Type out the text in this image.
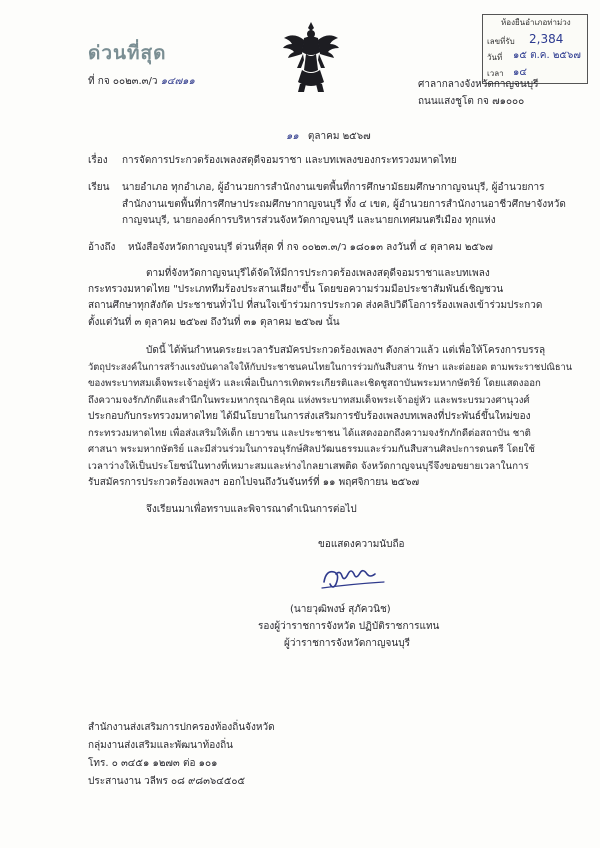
ด่วนที่สุด
ที่ กจ ๐๐๒๓.๓/ว ๑๔๗๑๑
ห้องยืนอำเภอท่าม่วง
เลขที่รับ 2,384
วันที่ ๑๕ ต.ค. ๒๕๖๗
เวลา ๑๔
ศาลากลางจังหวัดกาญจนบุรี
ถนนแสงชูโต กจ ๗๑๐๐๐
๑๑ ตุลาคม ๒๕๖๗
เรื่อง การจัดการประกวดร้องเพลงสดุดีจอมราชา และบทเพลงของกระทรวงมหาดไทย
เรียน นายอำเภอ ทุกอำเภอ, ผู้อำนวยการสำนักงานเขตพื้นที่การศึกษามัธยมศึกษากาญจนบุรี, ผู้อำนวยการ
สำนักงานเขตพื้นที่การศึกษาประถมศึกษากาญจนบุรี ทั้ง ๔ เขต, ผู้อำนวยการสำนักงานอาชีวศึกษาจังหวัด
กาญจนบุรี, นายกองค์การบริหารส่วนจังหวัดกาญจนบุรี และนายกเทศมนตรีเมือง ทุกแห่ง
อ้างถึง หนังสือจังหวัดกาญจนบุรี ด่วนที่สุด ที่ กจ ๐๐๒๓.๓/ว ๑๘๐๑๓ ลงวันที่ ๔ ตุลาคม ๒๕๖๗
ตามที่จังหวัดกาญจนบุรีได้จัดให้มีการประกวดร้องเพลงสดุดีจอมราชาและบทเพลง
กระทรวงมหาดไทย "ประเภททีมร้องประสานเสียง"ขึ้น โดยขอความร่วมมือประชาสัมพันธ์เชิญชวน
สถานศึกษาทุกสังกัด ประชาชนทั่วไป ที่สนใจเข้าร่วมการประกวด ส่งคลิปวิดีโอการร้องเพลงเข้าร่วมประกวด
ตั้งแต่วันที่ ๓ ตุลาคม ๒๕๖๗ ถึงวันที่ ๓๑ ตุลาคม ๒๕๖๗ นั้น
บัดนี้ ได้พ้นกำหนดระยะเวลารับสมัครประกวดร้องเพลงฯ ดังกล่าวแล้ว แต่เพื่อให้โครงการบรรลุ
วัตถุประสงค์ในการสร้างแรงบันดาลใจให้กับประชาชนคนไทยในการร่วมกันสืบสาน รักษา และต่อยอด ตามพระราชปณิธาน
ของพระบาทสมเด็จพระเจ้าอยู่หัว และเพื่อเป็นการเทิดพระเกียรติและเชิดชูสถาบันพระมหากษัตริย์ โดยแสดงออก
ถึงความจงรักภักดีและสำนึกในพระมหากรุณาธิคุณ แห่งพระบาทสมเด็จพระเจ้าอยู่หัว และพระบรมวงศานุวงศ์
ประกอบกับกระทรวงมหาดไทย ได้มีนโยบายในการส่งเสริมการขับร้องเพลงบทเพลงที่ประพันธ์ขึ้นใหม่ของ
กระทรวงมหาดไทย เพื่อส่งเสริมให้เด็ก เยาวชน และประชาชน ได้แสดงออกถึงความจงรักภักดีต่อสถาบัน ชาติ
ศาสนา พระมหากษัตริย์ และมีส่วนร่วมในการอนุรักษ์ศิลปวัฒนธรรมและร่วมกันสืบสานศิลปะการดนตรี โดยใช้
เวลาว่างให้เป็นประโยชน์ในทางที่เหมาะสมและห่างไกลยาเสพติด จังหวัดกาญจนบุรีจึงขอขยายเวลาในการ
รับสมัครการประกวดร้องเพลงฯ ออกไปจนถึงวันจันทร์ที่ ๑๑ พฤศจิกายน ๒๕๖๗
จึงเรียนมาเพื่อทราบและพิจารณาดำเนินการต่อไป
ขอแสดงความนับถือ
(นายวุฒิพงษ์ สุภัควนิช)
รองผู้ว่าราชการจังหวัด ปฏิบัติราชการแทน
ผู้ว่าราชการจังหวัดกาญจนบุรี
สำนักงานส่งเสริมการปกครองท้องถิ่นจังหวัด
กลุ่มงานส่งเสริมและพัฒนาท้องถิ่น
โทร. ๐ ๓๔๕๑ ๑๒๗๓ ต่อ ๑๐๑
ประสานงาน วลีพร ๐๘ ๙๘๓๖๔๕๐๕
